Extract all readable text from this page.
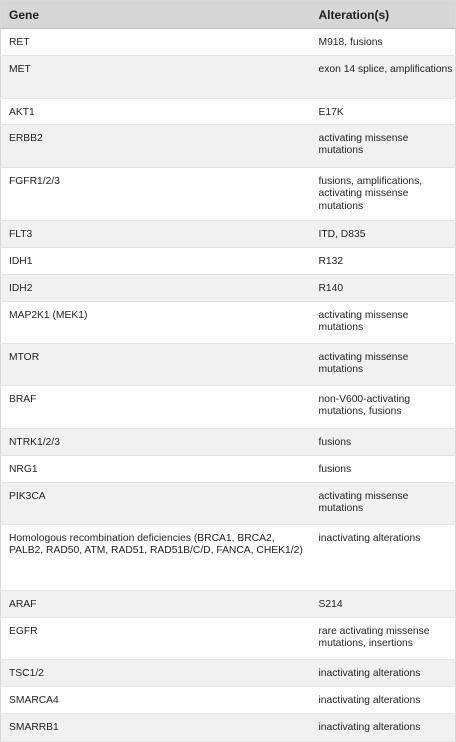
Gene	Alteration(s)
RET	M918, fusions
MET	exon 14 splice, amplifications
AKT1	E17K
ERBB2	activating missense mutations
FGFR1/2/3	fusions, amplifications, activating missense mutations
FLT3	ITD, D835
IDH1	R132
IDH2	R140
MAP2K1 (MEK1)	activating missense mutations
MTOR	activating missense mutations
BRAF	non-V600-activating mutations, fusions
NTRK1/2/3	fusions
NRG1	fusions
PIK3CA	activating missense mutations
Homologous recombination deficiencies (BRCA1, BRCA2, PALB2, RAD50, ATM, RAD51, RAD51B/C/D, FANCA, CHEK1/2)	inactivating alterations
ARAF	S214
EGFR	rare activating missense mutations, insertions
TSC1/2	inactivating alterations
SMARCA4	inactivating alterations
SMARRB1	inactivating alterations
